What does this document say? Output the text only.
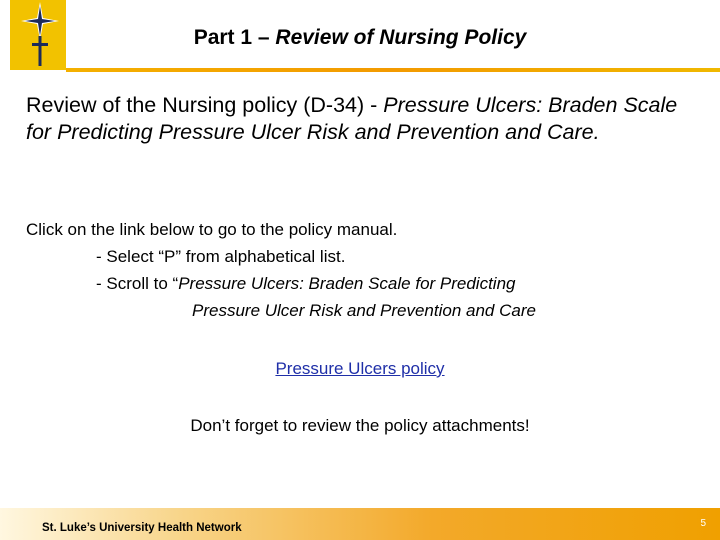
Part 1 – Review of Nursing Policy
Review of the Nursing policy (D-34) - Pressure Ulcers: Braden Scale for Predicting Pressure Ulcer Risk and Prevention and Care.
Click on the link below to go to the policy manual.
- Select “P” from alphabetical list.
- Scroll to “Pressure Ulcers: Braden Scale for Predicting
Pressure Ulcer Risk and Prevention and Care
Pressure Ulcers policy
Don’t forget to review the policy attachments!
St. Luke’s University Health Network	5
